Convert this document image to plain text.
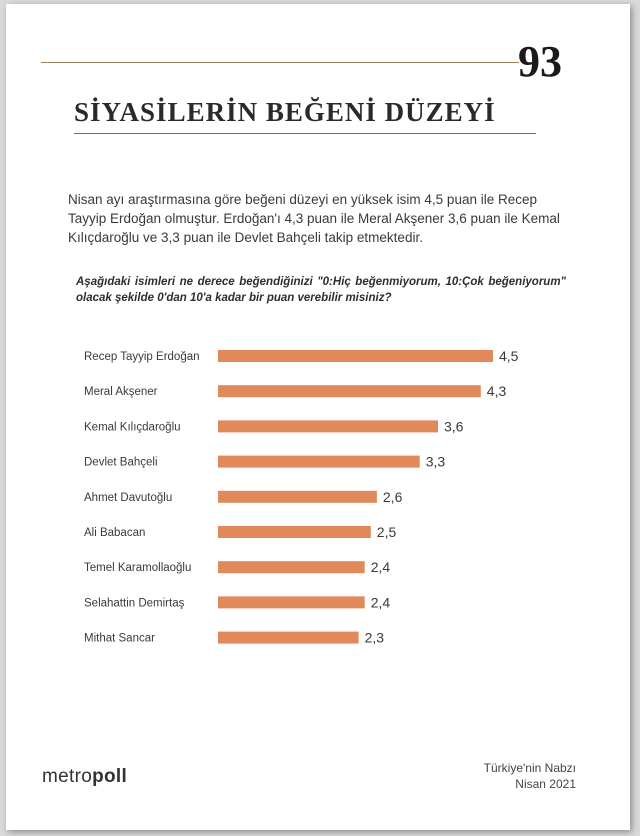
93
SİYASİLERİN BEĞENİ DÜZEYİ
Nisan ayı araştırmasına göre beğeni düzeyi en yüksek isim 4,5 puan ile Recep Tayyip Erdoğan olmuştur. Erdoğan'ı 4,3 puan ile Meral Akşener 3,6 puan ile Kemal Kılıçdaroğlu ve 3,3 puan ile Devlet Bahçeli takip etmektedir.
Aşağıdaki isimleri ne derece beğendiğinizi "0:Hiç beğenmiyorum, 10:Çok beğeniyorum" olacak şekilde 0'dan 10'a kadar bir puan verebilir misiniz?
Recep Tayyip Erdoğan	4,5
Meral Akşener	4,3
Kemal Kılıçdaroğlu	3,6
Devlet Bahçeli	3,3
Ahmet Davutoğlu	2,6
Ali Babacan	2,5
Temel Karamollaoğlu	2,4
Selahattin Demirtaş	2,4
Mithat Sancar	2,3
metropoll	Türkiye'nin Nabzı
Nisan 2021
